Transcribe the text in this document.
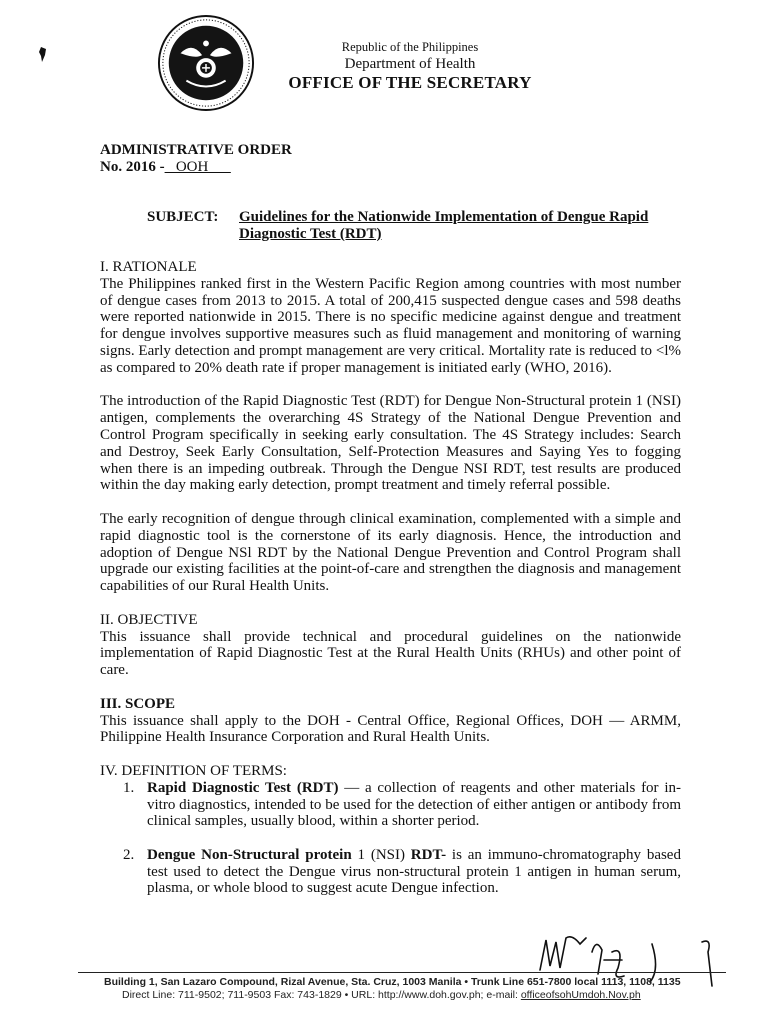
Republic of the Philippines
Department of Health
OFFICE OF THE SECRETARY
ADMINISTRATIVE ORDER
No. 2016 -   OOH
SUBJECT: Guidelines for the Nationwide Implementation of Dengue Rapid Diagnostic Test (RDT)

I. RATIONALE

The Philippines ranked first in the Western Pacific Region among countries with most number of dengue cases from 2013 to 2015. A total of 200,415 suspected dengue cases and 598 deaths were reported nationwide in 2015. There is no specific medicine against dengue and treatment for dengue involves supportive measures such as fluid management and monitoring of warning signs. Early detection and prompt management are very critical. Mortality rate is reduced to <l% as compared to 20% death rate if proper management is initiated early (WHO, 2016).

The introduction of the Rapid Diagnostic Test (RDT) for Dengue Non-Structural protein 1 (NSI) antigen, complements the overarching 4S Strategy of the National Dengue Prevention and Control Program specifically in seeking early consultation. The 4S Strategy includes: Search and Destroy, Seek Early Consultation, Self-Protection Measures and Saying Yes to fogging when there is an impeding outbreak. Through the Dengue NSI RDT, test results are produced within the day making early detection, prompt treatment and timely referral possible.

The early recognition of dengue through clinical examination, complemented with a simple and rapid diagnostic tool is the cornerstone of its early diagnosis. Hence, the introduction and adoption of Dengue NSl RDT by the National Dengue Prevention and Control Program shall upgrade our existing facilities at the point-of-care and strengthen the diagnosis and management capabilities of our Rural Health Units.

II. OBJECTIVE

This issuance shall provide technical and procedural guidelines on the nationwide implementation of Rapid Diagnostic Test at the Rural Health Units (RHUs) and other point of care.

III. SCOPE

This issuance shall apply to the DOH - Central Office, Regional Offices, DOH — ARMM, Philippine Health Insurance Corporation and Rural Health Units.

IV. DEFINITION OF TERMS:

1. Rapid Diagnostic Test (RDT) — a collection of reagents and other materials for in- vitro diagnostics, intended to be used for the detection of either antigen or antibody from clinical samples, usually blood, within a shorter period.
2. Dengue Non-Structural protein 1 (NSI) RDT- is an immuno-chromatography based test used to detect the Dengue virus non-structural protein 1 antigen in human serum, plasma, or whole blood to suggest acute Dengue infection.
Building 1, San Lazaro Compound, Rizal Avenue, Sta. Cruz, 1003 Manila • Trunk Line 651-7800 local 1113, 1108, 1135
Direct Line: 711-9502; 711-9503 Fax: 743-1829 • URL: http://www.doh.gov.ph; e-mail: officeofsohUmdoh.Nov.ph
